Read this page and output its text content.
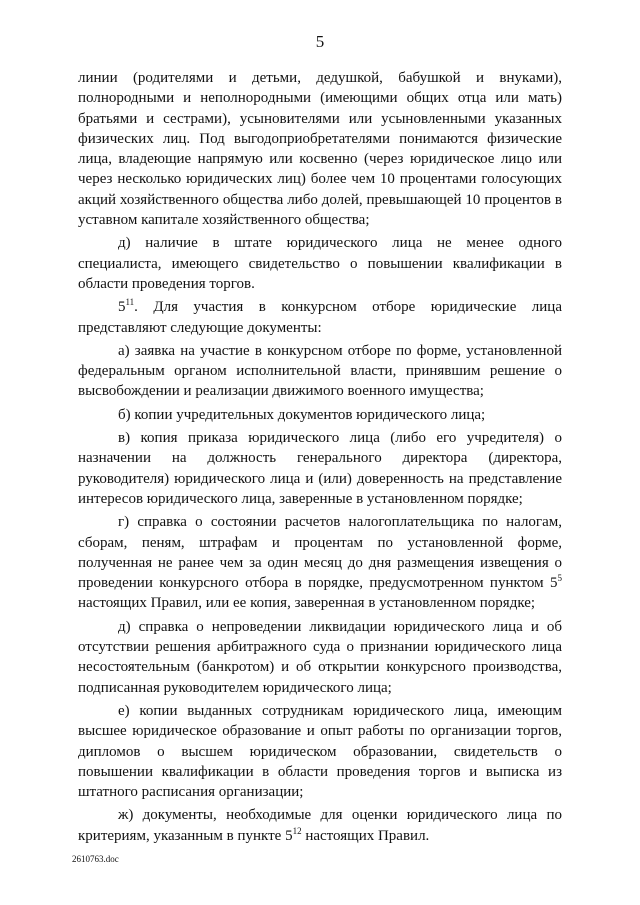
5

линии (родителями и детьми, дедушкой, бабушкой и внуками), полнородными и неполнородными (имеющими общих отца или мать) братьями и сестрами), усыновителями или усыновленными указанных физических лиц. Под выгодоприобретателями понимаются физические лица, владеющие напрямую или косвенно (через юридическое лицо или через несколько юридических лиц) более чем 10 процентами голосующих акций хозяйственного общества либо долей, превышающей 10 процентов в уставном капитале хозяйственного общества;

д) наличие в штате юридического лица не менее одного специалиста, имеющего свидетельство о повышении квалификации в области проведения торгов.

$5^{11}$. Для участия в конкурсном отборе юридические лица представляют следующие документы:

а) заявка на участие в конкурсном отборе по форме, установленной федеральным органом исполнительной власти, принявшим решение о высвобождении и реализации движимого военного имущества;

б) копии учредительных документов юридического лица;

в) копия приказа юридического лица (либо его учредителя) о назначении на должность генерального директора (директора, руководителя) юридического лица и (или) доверенность на представление интересов юридического лица, заверенные в установленном порядке;

г) справка о состоянии расчетов налогоплательщика по налогам, сборам, пеням, штрафам и процентам по установленной форме, полученная не ранее чем за один месяц до дня размещения извещения о проведении конкурсного отбора в порядке, предусмотренном пунктом $5^5$ настоящих Правил, или ее копия, заверенная в установленном порядке;

д) справка о непроведении ликвидации юридического лица и об отсутствии решения арбитражного суда о признании юридического лица несостоятельным (банкротом) и об открытии конкурсного производства, подписанная руководителем юридического лица;

е) копии выданных сотрудникам юридического лица, имеющим высшее юридическое образование и опыт работы по организации торгов, дипломов о высшем юридическом образовании, свидетельств о повышении квалификации в области проведения торгов и выписка из штатного расписания организации;

ж) документы, необходимые для оценки юридического лица по критериям, указанным в пункте $5^{12}$ настоящих Правил.

2610763.doc
